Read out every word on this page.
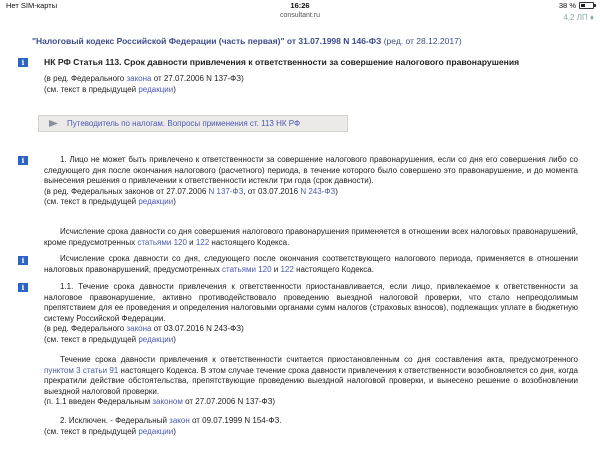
Нет SIM-карты	16:26	38 %
consultant.ru	4.2 ЛП ♦
"Налоговый кодекс Российской Федерации (часть первая)" от 31.07.1998 N 146-ФЗ (ред. от 28.12.2017)
i	НК РФ Статья 113. Срок давности привлечения к ответственности за совершение налогового правонарушения
(в ред. Федерального закона от 27.07.2006 N 137-ФЗ)
(см. текст в предыдущей редакции)
Путеводитель по налогам. Вопросы применения ст. 113 НК РФ
i	1. Лицо не может быть привлечено к ответственности за совершение налогового правонарушения, если со дня его совершения либо со следующего дня после окончания налогового (расчетного) периода, в течение которого было совершено это правонарушение, и до момента вынесения решения о привлечении к ответственности истекли три года (срок давности).
(в ред. Федеральных законов от 27.07.2006 N 137-ФЗ, от 03.07.2016 N 243-ФЗ)
(см. текст в предыдущей редакции)
Исчисление срока давности со дня совершения налогового правонарушения применяется в отношении всех налоговых правонарушений, кроме предусмотренных статьями 120 и 122 настоящего Кодекса.
i	Исчисление срока давности со дня, следующего после окончания соответствующего налогового периода, применяется в отношении налоговых правонарушений, предусмотренных статьями 120 и 122 настоящего Кодекса.
i	1.1. Течение срока давности привлечения к ответственности приостанавливается, если лицо, привлекаемое к ответственности за налоговое правонарушение, активно противодействовало проведению выездной налоговой проверки, что стало непреодолимым препятствием для ее проведения и определения налоговыми органами сумм налогов (страховых взносов), подлежащих уплате в бюджетную систему Российской Федерации.
(в ред. Федерального закона от 03.07.2016 N 243-ФЗ)
(см. текст в предыдущей редакции)
Течение срока давности привлечения к ответственности считается приостановленным со дня составления акта, предусмотренного пунктом 3 статьи 91 настоящего Кодекса. В этом случае течение срока давности привлечения к ответственности возобновляется со дня, когда прекратили действие обстоятельства, препятствующие проведению выездной налоговой проверки, и вынесено решение о возобновлении выездной налоговой проверки.
(п. 1.1 введен Федеральным законом от 27.07.2006 N 137-ФЗ)
2. Исключен. - Федеральный закон от 09.07.1999 N 154-ФЗ.
(см. текст в предыдущей редакции)
